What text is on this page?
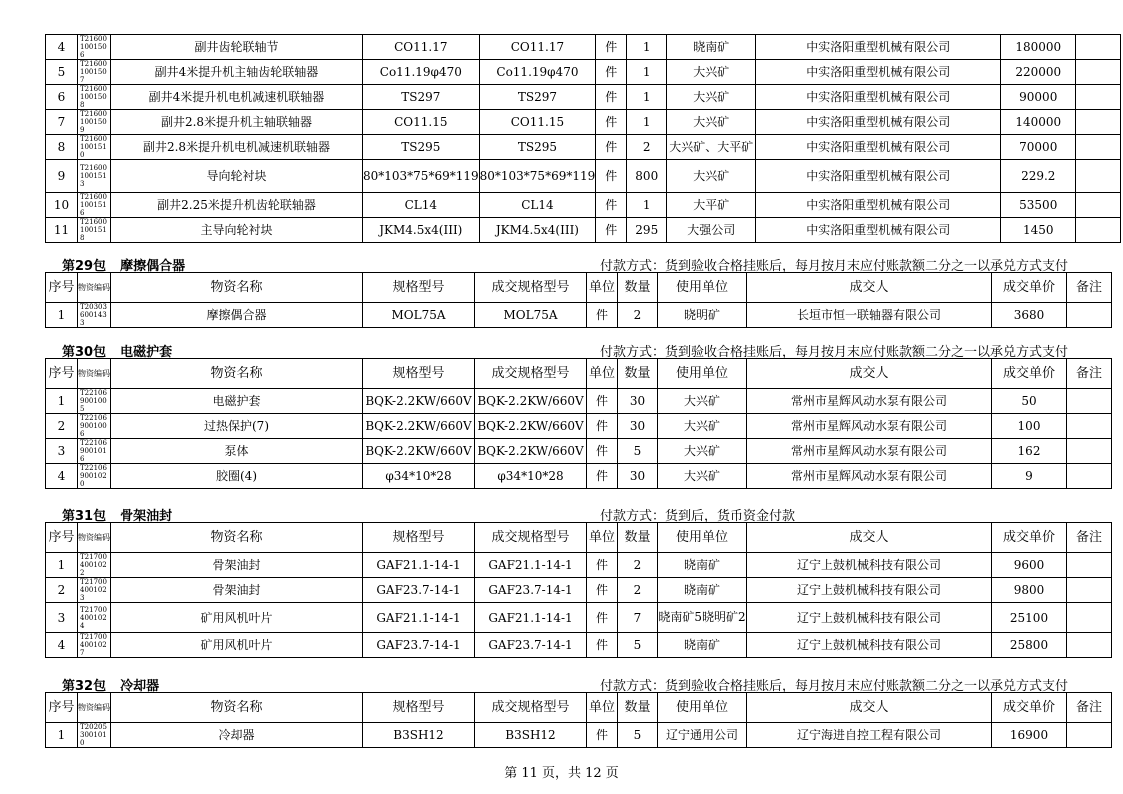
4	T216001001506	副井齿轮联轴节	CO11.17	CO11.17	件	1	晓南矿	中实洛阳重型机械有限公司	180000	
5	T216001001507	副井4米提升机主轴齿轮联轴器	Co11.19φ470	Co11.19φ470	件	1	大兴矿	中实洛阳重型机械有限公司	220000	
6	T216001001508	副井4米提升机电机减速机联轴器	TS297	TS297	件	1	大兴矿	中实洛阳重型机械有限公司	90000	
7	T216001001509	副井2.8米提升机主轴联轴器	CO11.15	CO11.15	件	1	大兴矿	中实洛阳重型机械有限公司	140000	
8	T216001001510	副井2.8米提升机电机减速机联轴器	TS295	TS295	件	2	大兴矿、大平矿	中实洛阳重型机械有限公司	70000	
9	T216001001513	导向轮衬块	80*103*75*69*119	80*103*75*69*119	件	800	大兴矿	中实洛阳重型机械有限公司	229.2	
10	T216001001516	副井2.25米提升机齿轮联轴器	CL14	CL14	件	1	大平矿	中实洛阳重型机械有限公司	53500	
11	T216001001518	主导向轮衬块	JKM4.5x4(III)	JKM4.5x4(III)	件	295	大强公司	中实洛阳重型机械有限公司	1450	
第29包 摩擦偶合器	付款方式：货到验收合格挂账后，每月按月末应付账款额二分之一以承兑方式支付
序号	物资编码	物资名称	规格型号	成交规格型号	单位	数量	使用单位	成交人	成交单价	备注
1	T203036001433	摩擦偶合器	MOL75A	MOL75A	件	2	晓明矿	长垣市恒一联轴器有限公司	3680	
第30包 电磁护套	付款方式：货到验收合格挂账后，每月按月末应付账款额二分之一以承兑方式支付
序号	物资编码	物资名称	规格型号	成交规格型号	单位	数量	使用单位	成交人	成交单价	备注
1	T221069001005	电磁护套	BQK-2.2KW/660V	BQK-2.2KW/660V	件	30	大兴矿	常州市星辉风动水泵有限公司	50	
2	T221069001006	过热保护(7)	BQK-2.2KW/660V	BQK-2.2KW/660V	件	30	大兴矿	常州市星辉风动水泵有限公司	100	
3	T221069001016	泵体	BQK-2.2KW/660V	BQK-2.2KW/660V	件	5	大兴矿	常州市星辉风动水泵有限公司	162	
4	T221069001020	胶圈(4)	φ34*10*28	φ34*10*28	件	30	大兴矿	常州市星辉风动水泵有限公司	9	
第31包 骨架油封	付款方式：货到后，货币资金付款
序号	物资编码	物资名称	规格型号	成交规格型号	单位	数量	使用单位	成交人	成交单价	备注
1	T217004001022	骨架油封	GAF21.1-14-1	GAF21.1-14-1	件	2	晓南矿	辽宁上鼓机械科技有限公司	9600	
2	T217004001023	骨架油封	GAF23.7-14-1	GAF23.7-14-1	件	2	晓南矿	辽宁上鼓机械科技有限公司	9800	
3	T217004001024	矿用风机叶片	GAF21.1-14-1	GAF21.1-14-1	件	7	晓南矿5晓明矿2	辽宁上鼓机械科技有限公司	25100	
4	T217004001027	矿用风机叶片	GAF23.7-14-1	GAF23.7-14-1	件	5	晓南矿	辽宁上鼓机械科技有限公司	25800	
第32包 冷却器	付款方式：货到验收合格挂账后，每月按月末应付账款额二分之一以承兑方式支付
序号	物资编码	物资名称	规格型号	成交规格型号	单位	数量	使用单位	成交人	成交单价	备注
1	T202053001010	冷却器	B3SH12	B3SH12	件	5	辽宁通用公司	辽宁海进自控工程有限公司	16900	
第 11 页，共 12 页
